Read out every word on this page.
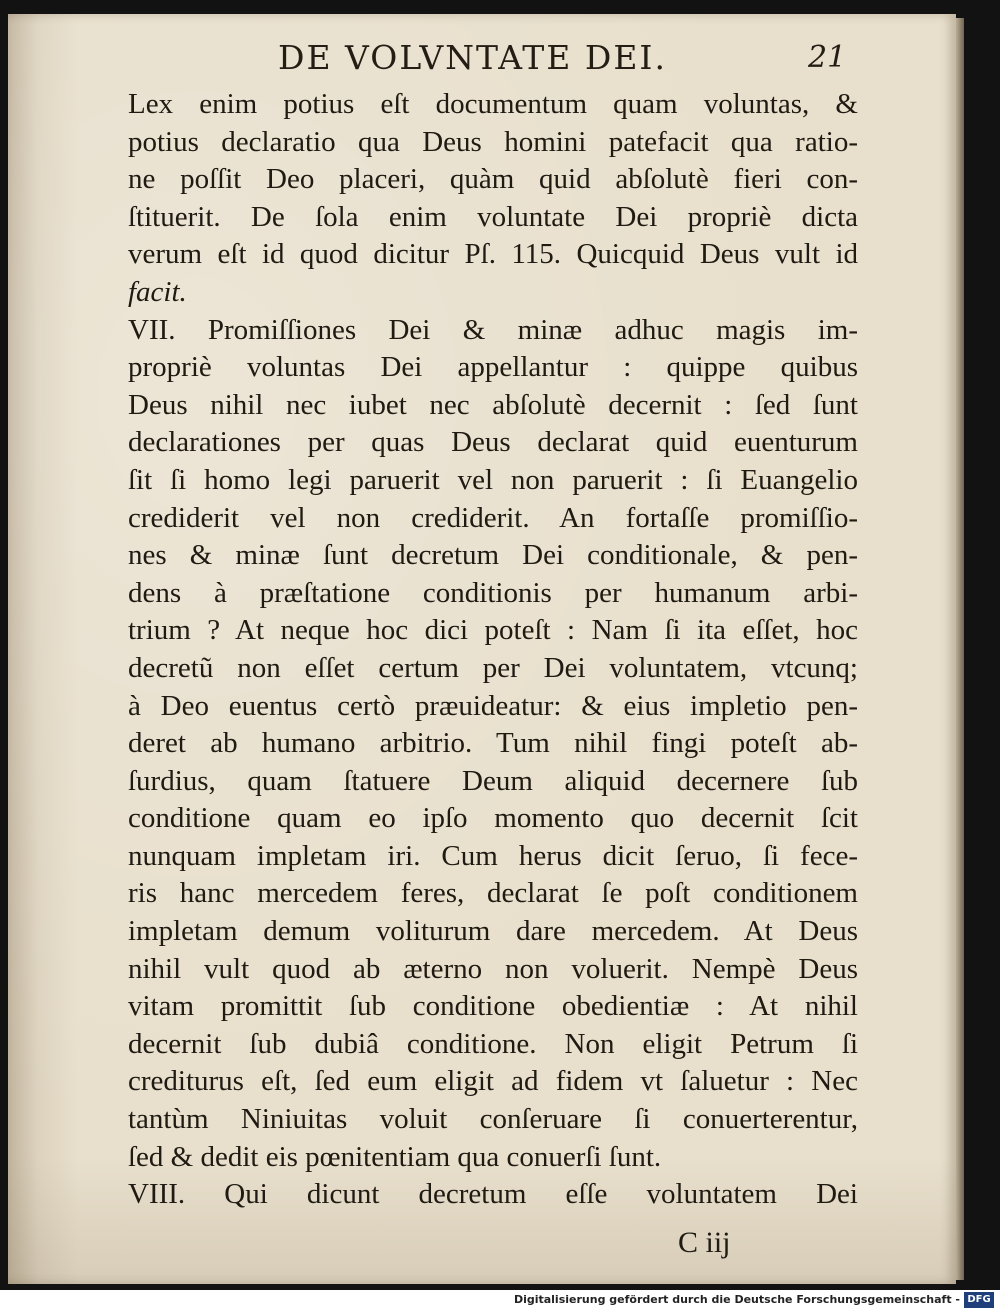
DE VOLVNTATE DEI.	21
Lex enim potius eſt documentum quam voluntas, &
potius declaratio qua Deus homini patefacit qua ratio-
ne poſſit Deo placeri, quàm quid abſolutè fieri con-
ſtituerit. De ſola enim voluntate Dei propriè dicta
verum eſt id quod dicitur Pſ. 115. Quicquid Deus vult id
facit.
VII. Promiſſiones Dei & minæ adhuc magis im-
propriè voluntas Dei appellantur : quippe quibus
Deus nihil nec iubet nec abſolutè decernit : ſed ſunt
declarationes per quas Deus declarat quid euenturum
ſit ſi homo legi paruerit vel non paruerit : ſi Euangelio
crediderit vel non crediderit. An fortaſſe promiſſio-
nes & minæ ſunt decretum Dei conditionale, & pen-
dens à præſtatione conditionis per humanum arbi-
trium ? At neque hoc dici poteſt : Nam ſi ita eſſet, hoc
decretũ non eſſet certum per Dei voluntatem, vtcunq;
à Deo euentus certò præuideatur: & eius impletio pen-
deret ab humano arbitrio. Tum nihil fingi poteſt ab-
ſurdius, quam ſtatuere Deum aliquid decernere ſub
conditione quam eo ipſo momento quo decernit ſcit
nunquam impletam iri. Cum herus dicit ſeruo, ſi fece-
ris hanc mercedem feres, declarat ſe poſt conditionem
impletam demum voliturum dare mercedem. At Deus
nihil vult quod ab æterno non voluerit. Nempè Deus
vitam promittit ſub conditione obedientiæ : At nihil
decernit ſub dubiâ conditione. Non eligit Petrum ſi
crediturus eſt, ſed eum eligit ad fidem vt ſaluetur : Nec
tantùm Niniuitas voluit conſeruare ſi conuerterentur,
ſed & dedit eis pœnitentiam qua conuerſi ſunt.
VIII. Qui dicunt decretum eſſe voluntatem Dei
C iij
Digitalisierung gefördert durch die Deutsche Forschungsgemeinschaft - DFG
